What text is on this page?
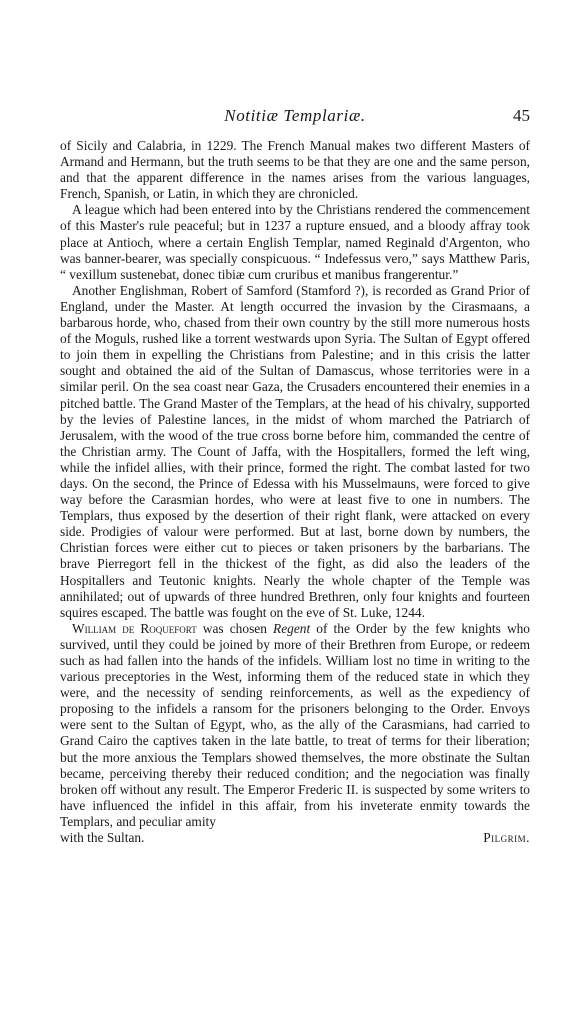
Notitiæ Templariæ.	45

of Sicily and Calabria, in 1229. The French Manual makes two different Masters of Armand and Hermann, but the truth seems to be that they are one and the same person, and that the apparent difference in the names arises from the various languages, French, Spanish, or Latin, in which they are chronicled.

A league which had been entered into by the Christians rendered the commencement of this Master's rule peaceful; but in 1237 a rupture ensued, and a bloody affray took place at Antioch, where a certain English Templar, named Reginald d'Argenton, who was banner-bearer, was specially conspicuous. “ Indefessus vero,” says Matthew Paris, “ vexillum sustenebat, donec tibiæ cum cruribus et manibus frangerentur.”

Another Englishman, Robert of Samford (Stamford ?), is recorded as Grand Prior of England, under the Master. At length occurred the invasion by the Cirasmaans, a barbarous horde, who, chased from their own country by the still more numerous hosts of the Moguls, rushed like a torrent westwards upon Syria. The Sultan of Egypt offered to join them in expelling the Christians from Palestine; and in this crisis the latter sought and obtained the aid of the Sultan of Damascus, whose territories were in a similar peril. On the sea coast near Gaza, the Crusaders encountered their enemies in a pitched battle. The Grand Master of the Templars, at the head of his chivalry, supported by the levies of Palestine lances, in the midst of whom marched the Patriarch of Jerusalem, with the wood of the true cross borne before him, commanded the centre of the Christian army. The Count of Jaffa, with the Hospitallers, formed the left wing, while the infidel allies, with their prince, formed the right. The combat lasted for two days. On the second, the Prince of Edessa with his Musselmauns, were forced to give way before the Carasmian hordes, who were at least five to one in numbers. The Templars, thus exposed by the desertion of their right flank, were attacked on every side. Prodigies of valour were performed. But at last, borne down by numbers, the Christian forces were either cut to pieces or taken prisoners by the barbarians. The brave Pierregort fell in the thickest of the fight, as did also the leaders of the Hospitallers and Teutonic knights. Nearly the whole chapter of the Temple was annihilated; out of upwards of three hundred Brethren, only four knights and fourteen squires escaped. The battle was fought on the eve of St. Luke, 1244.

William de Roquefort was chosen Regent of the Order by the few knights who survived, until they could be joined by more of their Brethren from Europe, or redeem such as had fallen into the hands of the infidels. William lost no time in writing to the various preceptories in the West, informing them of the reduced state in which they were, and the necessity of sending reinforcements, as well as the expediency of proposing to the infidels a ransom for the prisoners belonging to the Order. Envoys were sent to the Sultan of Egypt, who, as the ally of the Carasmians, had carried to Grand Cairo the captives taken in the late battle, to treat of terms for their liberation; but the more anxious the Templars showed themselves, the more obstinate the Sultan became, perceiving thereby their reduced condition; and the negociation was finally broken off without any result. The Emperor Frederic II. is suspected by some writers to have influenced the infidel in this affair, from his inveterate enmity towards the Templars, and peculiar amity

with the Sultan.	Pilgrim.
